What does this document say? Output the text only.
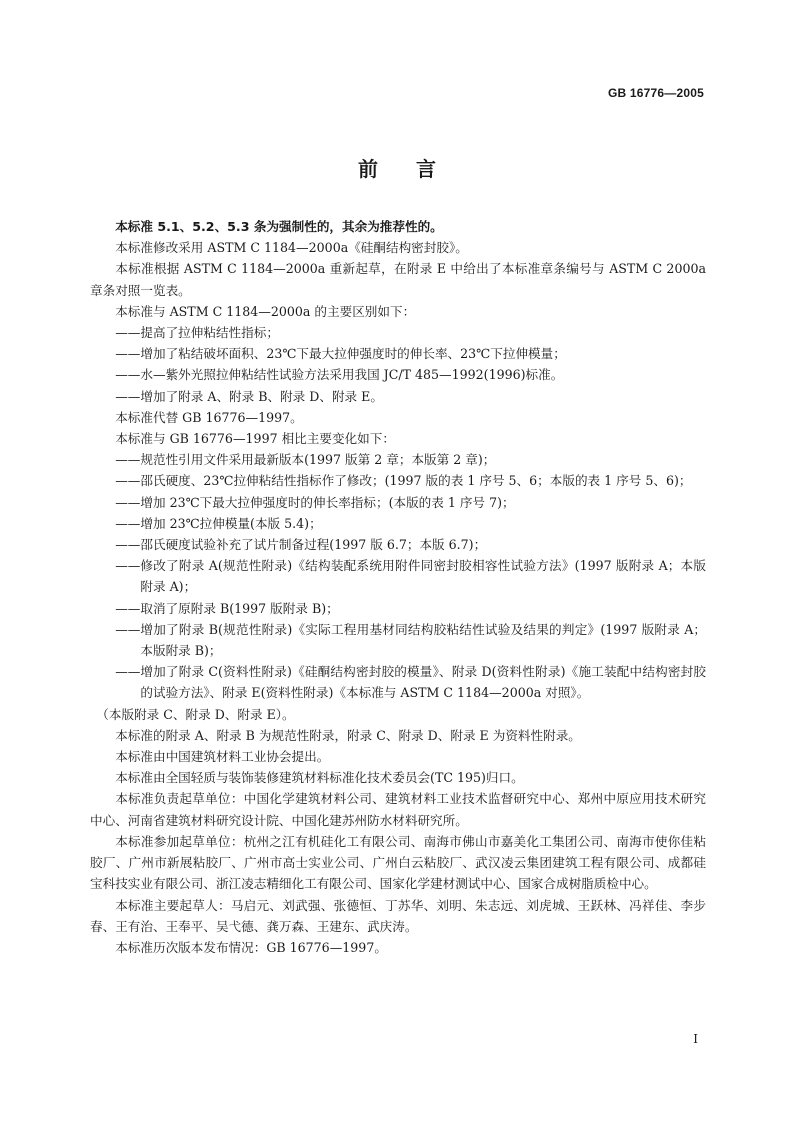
GB 16776—2005
前言

本标准 5.1、5.2、5.3 条为强制性的，其余为推荐性的。

本标准修改采用 ASTM C 1184—2000a《硅酮结构密封胶》。

本标准根据 ASTM C 1184—2000a 重新起草，在附录 E 中给出了本标准章条编号与 ASTM C 2000a 章条对照一览表。

本标准与 ASTM C 1184—2000a 的主要区别如下：

—— 提高了拉伸粘结性指标；
—— 增加了粘结破坏面积、23℃下最大拉伸强度时的伸长率、23℃下拉伸模量；
—— 水—紫外光照拉伸粘结性试验方法采用我国 JC/T 485—1992(1996)标准。
—— 增加了附录 A、附录 B、附录 D、附录 E。

本标准代替 GB 16776—1997。

本标准与 GB 16776—1997 相比主要变化如下：

—— 规范性引用文件采用最新版本(1997 版第 2 章；本版第 2 章)；
—— 邵氏硬度、23℃拉伸粘结性指标作了修改；(1997 版的表 1 序号 5、6；本版的表 1 序号 5、6)；
—— 增加 23℃下最大拉伸强度时的伸长率指标；(本版的表 1 序号 7)；
—— 增加 23℃拉伸模量(本版 5.4)；
—— 邵氏硬度试验补充了试片制备过程(1997 版 6.7；本版 6.7)；
—— 修改了附录 A(规范性附录)《结构装配系统用附件同密封胶相容性试验方法》(1997 版附录 A；本版附录 A)；
—— 取消了原附录 B(1997 版附录 B)；
—— 增加了附录 B(规范性附录)《实际工程用基材同结构胶粘结性试验及结果的判定》(1997 版附录 A；本版附录 B)；
—— 增加了附录 C(资料性附录)《硅酮结构密封胶的模量》、附录 D(资料性附录)《施工装配中结构密封胶的试验方法》、附录 E(资料性附录)《本标准与 ASTM C 1184—2000a 对照》。

（本版附录 C、附录 D、附录 E）。

本标准的附录 A、附录 B 为规范性附录，附录 C、附录 D、附录 E 为资料性附录。

本标准由中国建筑材料工业协会提出。

本标准由全国轻质与装饰装修建筑材料标准化技术委员会(TC 195)归口。

本标准负责起草单位：中国化学建筑材料公司、建筑材料工业技术监督研究中心、郑州中原应用技术研究中心、河南省建筑材料研究设计院、中国化建苏州防水材料研究所。

本标准参加起草单位：杭州之江有机硅化工有限公司、南海市佛山市嘉美化工集团公司、南海市使你佳粘胶厂、广州市新展粘胶厂、广州市高士实业公司、广州白云粘胶厂、武汉凌云集团建筑工程有限公司、成都硅宝科技实业有限公司、浙江凌志精细化工有限公司、国家化学建材测试中心、国家合成树脂质检中心。

本标准主要起草人：马启元、刘武强、张德恒、丁苏华、刘明、朱志远、刘虎城、王跃林、冯祥佳、李步春、王有治、王奉平、吴弋德、龚万森、王建东、武庆涛。

本标准历次版本发布情况：GB 16776—1997。

I
